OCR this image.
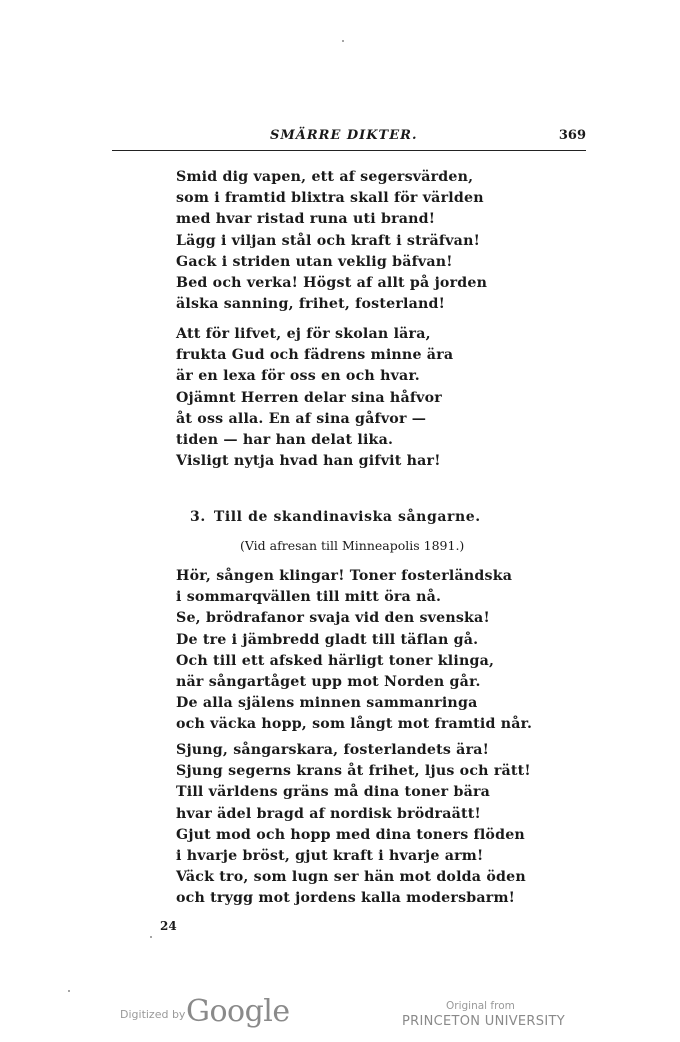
SMÄRRE DIKTER.	369
Smid dig vapen, ett af segersvärden,
som i framtid blixtra skall för världen
med hvar ristad runa uti brand!
Lägg i viljan stål och kraft i sträfvan!
Gack i striden utan veklig bäfvan!
Bed och verka! Högst af allt på jorden
älska sanning, frihet, fosterland!
Att för lifvet, ej för skolan lära,
frukta Gud och fädrens minne ära
är en lexa för oss en och hvar.
Ojämnt Herren delar sina håfvor
åt oss alla. En af sina gåfvor —
tiden — har han delat lika.
Visligt nytja hvad han gifvit har!
3. Till de skandinaviska sångarne.
(Vid afresan till Minneapolis 1891.)
Hör, sången klingar! Toner fosterländska
i sommarqvällen till mitt öra nå.
Se, brödrafanor svaja vid den svenska!
De tre i jämbredd gladt till täflan gå.
Och till ett afsked härligt toner klinga,
när sångartåget upp mot Norden går.
De alla själens minnen sammanringa
och väcka hopp, som långt mot framtid når.
Sjung, sångarskara, fosterlandets ära!
Sjung segerns krans åt frihet, ljus och rätt!
Till världens gräns må dina toner bära
hvar ädel bragd af nordisk brödraätt!
Gjut mod och hopp med dina toners flöden
i hvarje bröst, gjut kraft i hvarje arm!
Väck tro, som lugn ser hän mot dolda öden
och trygg mot jordens kalla modersbarm!
24
Digitized by Google	Original from
PRINCETON UNIVERSITY
